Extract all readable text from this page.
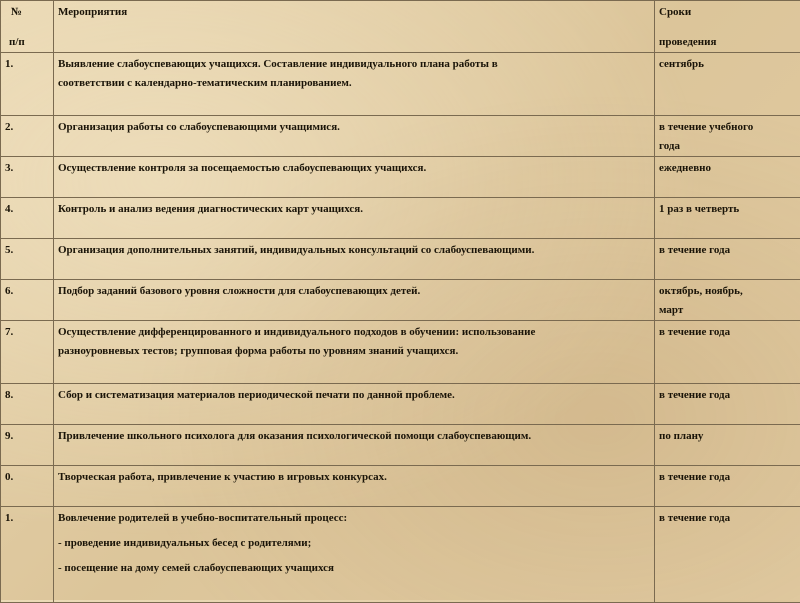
№
п/п	Мероприятия	Сроки
проведения

1.	Выявление слабоуспевающих учащихся. Составление индивидуального плана работы в
соответствии с календарно-тематическим планированием.	сентябрь

2.	Организация работы со слабоуспевающими учащимися.	в течение учебного
года

3.	Осуществление контроля за посещаемостью слабоуспевающих учащихся.	ежедневно

4.	Контроль и анализ ведения диагностических карт учащихся.	1 раз в четверть

5.	Организация дополнительных занятий, индивидуальных консультаций со слабоуспевающими.	в течение года

6.	Подбор заданий базового уровня сложности для слабоуспевающих детей.	октябрь, ноябрь,
март

7.	Осуществление дифференцированного и индивидуального подходов в обучении: использование
разноуровневых тестов; групповая форма работы по уровням знаний учащихся.	в течение года

8.	Сбор и систематизация материалов периодической печати по данной проблеме.	в течение года

9.	Привлечение школьного психолога для оказания психологической помощи слабоуспевающим.	по плану

0.	Творческая работа, привлечение к участию в игровых конкурсах.	в течение года

1.	Вовлечение родителей в учебно-воспитательный процесс:
- проведение индивидуальных бесед с родителями;
- посещение на дому семей слабоуспевающих учащихся	в течение года
